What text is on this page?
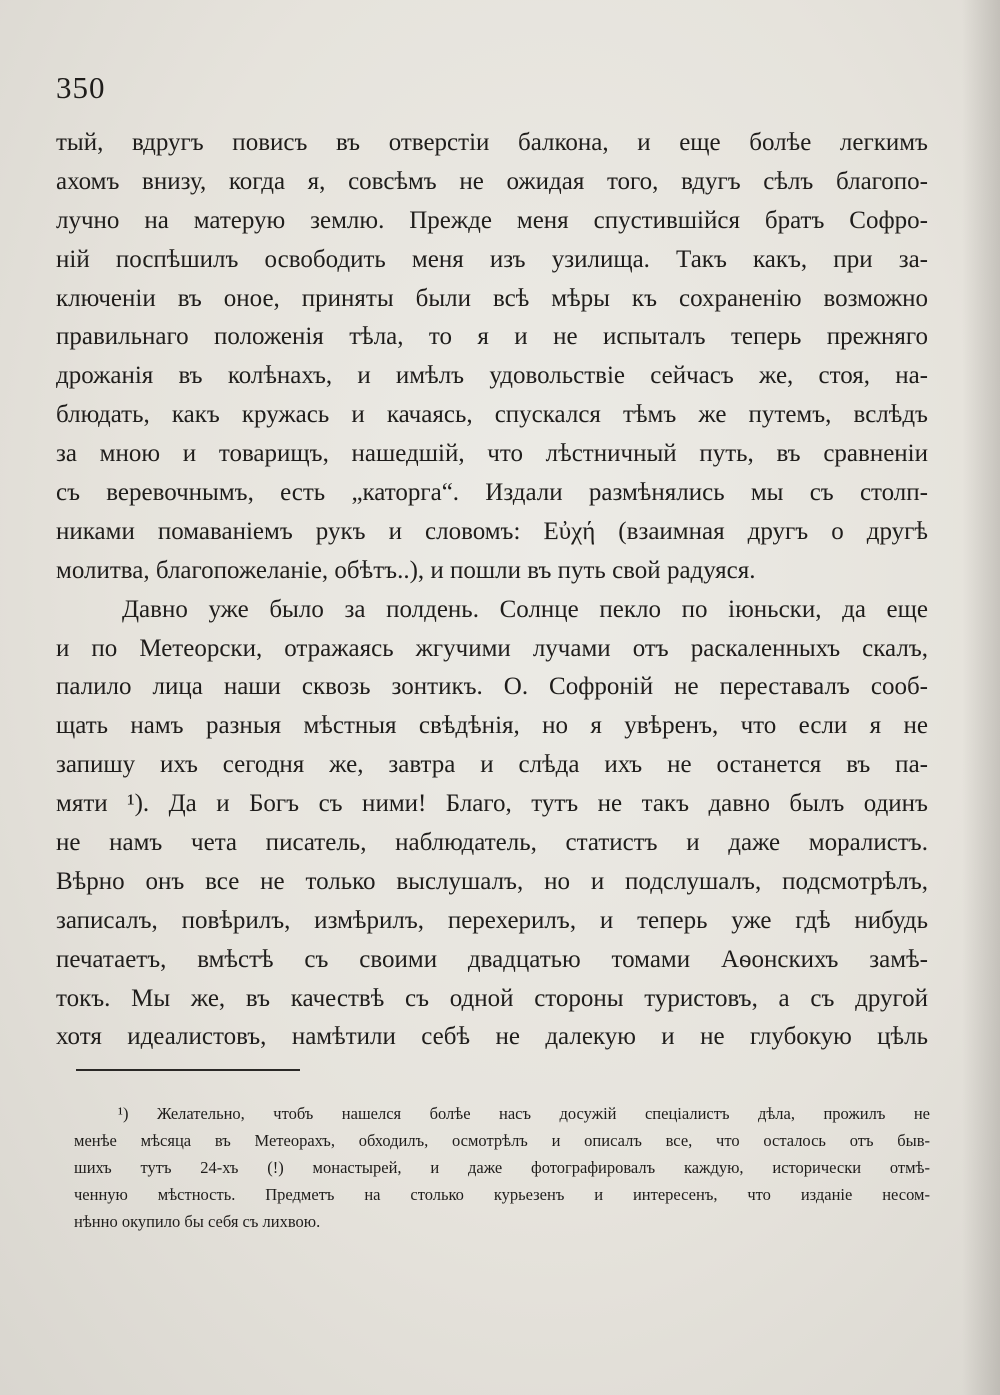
350

тый, вдругъ повисъ въ отверстiи балкона, и еще болѣе легкимъ
ахомъ внизу, когда я, совсѣмъ не ожидая того, вдугъ сѣлъ благопо-
лучно на матерую землю. Прежде меня спустившiйся братъ Софро-
нiй поспѣшилъ освободить меня изъ узилища. Такъ какъ, при за-
ключенiи въ оное, приняты были всѣ мѣры къ сохраненiю возможно
правильнаго положенiя тѣла, то я и не испыталъ теперь прежняго
дрожанiя въ колѣнахъ, и имѣлъ удовольствiе сейчасъ же, стоя, на-
блюдать, какъ кружась и качаясь, спускался тѣмъ же путемъ, вслѣдъ
за мною и товарищъ, нашедшiй, что лѣстничный путь, въ сравненiи
съ веревочнымъ, есть „каторга“. Издали размѣнялись мы съ столп-
никами помаванiемъ рукъ и словомъ: Εὐχή (взаимная другъ о другѣ
молитва, благопожеланiе, обѣтъ..), и пошли въ путь свой радуяся.
Давно уже было за полдень. Солнце пекло по iюньски, да еще
и по Метеорски, отражаясь жгучими лучами отъ раскаленныхъ скалъ,
палило лица наши сквозь зонтикъ. О. Софронiй не переставалъ сооб-
щать намъ разныя мѣстныя свѣдѣнiя, но я увѣренъ, что если я не
запишу ихъ сегодня же, завтра и слѣда ихъ не останется въ па-
мяти ¹). Да и Богъ съ ними! Благо, тутъ не такъ давно былъ одинъ
не намъ чета писатель, наблюдатель, статистъ и даже моралистъ.
Вѣрно онъ все не только выслушалъ, но и подслушалъ, подсмотрѣлъ,
записалъ, повѣрилъ, измѣрилъ, перехерилъ, и теперь уже гдѣ нибудь
печатаетъ, вмѣстѣ съ своими двадцатью томами Аѳонскихъ замѣ-
токъ. Мы же, въ качествѣ съ одной стороны туристовъ, а съ другой
хотя идеалистовъ, намѣтили себѣ не далекую и не глубокую цѣль
¹) Желательно, чтобъ нашелся болѣе насъ досужiй спецiалистъ дѣла, прожилъ не
менѣе мѣсяца въ Метеорахъ, обходилъ, осмотрѣлъ и описалъ все, что осталось отъ быв-
шихъ тутъ 24-хъ (!) монастырей, и даже фотографировалъ каждую, исторически отмѣ-
ченную мѣстность. Предметъ на столько курьезенъ и интересенъ, что изданiе несом-
нѣнно окупило бы себя съ лихвою.
